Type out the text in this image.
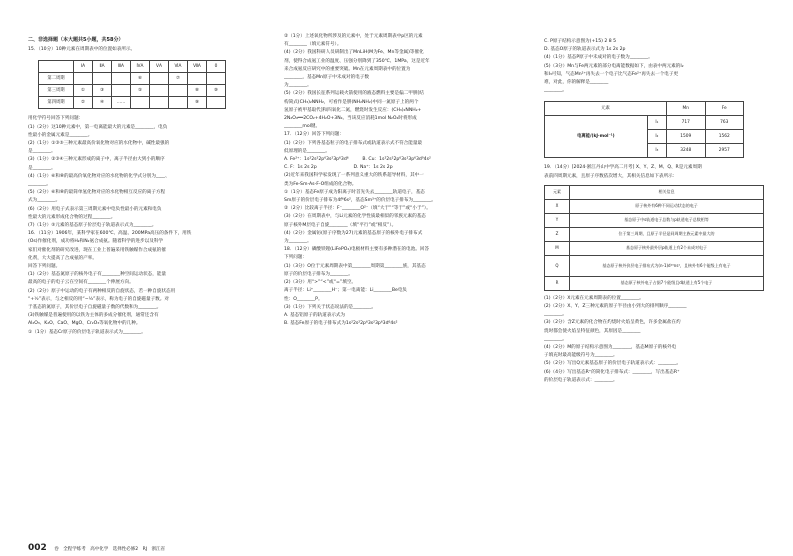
二、非选择题（本大题共5小题，共58分）

15．（10分）10种元素在周期表中的位置如表所示。

	ⅠA	ⅡA	ⅢA	ⅣA	ⅤA	ⅥA	ⅦA	0
第二周期				⑥		⑦		
第三周期	①	③		⑤			⑧	⑩
第四周期	②	④	……				⑨	

用化学符号回答下列问题：

(1)（2分）这10种元素中，第一电离能最大的元素是________，电负

性最小的金属元素是________。

(2)（1分）①③⑤三种元素最高价氧化物对应的水化物中，碱性最强的

是________。

(3)（1分）②③④三种元素形成的离子中，离子半径由大到小的顺序

是________。

(4)（1分）⑥和⑧的最高价氧化物对应的水化物的化学式分别为____、

________。

(5)（2分）⑥和⑧的最简单氢化物对应的水化物相互反应的离子方程

式为________。

(6)（2分）用电子式表示第三周期元素中电负性最小的元素和电负

性最大的元素形成化合物的过程________。

(7)（1分）⑤元素的基态原子价层电子轨道表示式为________。

16．（11分）1906年，某科学家在600℃、高温、200MPa高压的条件下，用铁

(Os)作催化剂，成功将H₂和N₂氨合成氨。随着科学的进步以及科学

家们对催化剂的研究改进，现在工业上普遍采用铁触媒作合成氨的催

化剂，大大提高了合成氨的产率。

回答下列问题。

(1)（2分）基态氮原子的核外电子有________种空间运动状态，能量

最高的电子的电子云在空间有________个伸展方向。

(2)（2分）原子中运动的电子有两种相反的自旋状态，若一种自旋状态用

“+½”表示，与之相反的用“−½”表示，称为电子的自旋磁量子数。对

于基态的氮原子，其价层电子自旋磁量子数的代数和为________。

(3)铁触媒是普遍使用的以铁为主体的多成分催化剂，通常还含有

Al₂O₃、K₂O、CaO、MgO、Cr₂O₃等氧化物中的几种。

①（1分）基态Cr原子的价层电子轨道表示式为________。

②（1分）上述氧化物所涉及的元素中，处于元素周期表中p区的元素

有________（填元素符号）。

(4)（2分）我国科研人员研制出了MnLiH(M为Fe、Mn等金属)等催化

剂，使得合成氨工业的温度、压强分别降到了350℃、1MPa，这是近年

来合成氨反应研究中的重要突破。Mn在元素周期表中的位置为

________，基态Mn原子中未成对的电子数

为________。

(5)（2分）我国长征系列运载火箭使用的液态燃料主要是偏二甲肼[结

构简式(CH₃)₂NNH₂，可看作是肼(NH₂NH₂)中同一氮原子上的两个

氢原子被甲基取代]和四氧化二氮，燃烧时发生反应：(CH₃)₂NNH₂+

2N₂O₄══2CO₂+4H₂O+3N₂。当该反应消耗1mol N₂O₄时将形成

________mol键。

17．（12分）回答下列问题：

(1)（2分）下列各基态粒子的电子排布式或轨道表示式不符合能量最

低原理的是________。

A. Fe²⁺：1s²2s²2p⁶3s²3p⁶3d⁶　　　B. Cu：1s²2s²2p⁶3s²3p⁶3d⁹4s²

C. F：1s 2s 2p　　　　　　　　D. Na⁺：1s 2s 2p

(2)近年来我国科学家发现了一系列意义重大的铁系超导材料，其中一

类为Fe-Sm-As-F-O组成的化合物。

①（1分）基态Fe原子成为阳离子时首先失去________轨道电子，基态

Sm原子的价层电子排布为4f⁶6s²，基态Sm³⁺的价层电子排布为________。

②（2分）比较离子半径：F⁻________O²⁻（填“大于”“等于”或“小于”）。

(3)（2分）在周期表中，与Li元素的化学性质最相似的邻族元素的基态

原子核外M层电子自旋________（填“平行”或“相反”）。

(4)（2分）金属钫(原子序数为27)元素的基态原子的核外电子排布式

为________。

18．（12分）磷酸铁锂(LiFePO₄)电极材料主要有多种潜在的电池。回答

下列问题：

(1)（3分）O位于元素周期表中第________周期第________族，其基态

原子的价层电子排布为________。

(2)（3分）用“>”“<”或“=”填空。

离子半径：Li⁺________H⁻；第一电离能：Li________Be电负

性：O________P。

(3)（1分）下列关于状态说法的是________。

A. 基态铝原子的轨道表示式为

B. 基态Fe原子的电子排布式为1s²2s²2p⁶3s²3p⁶3d⁶4s²

C. P原子结构示意图为(+15) 2 8 5

D. 基态O原子的轨道表示式为 1s 2s 2p

(4)（1分）基态P原子中未成对的电子数为________。

(5)（3分）Mn与Fe两元素的部分电离能数据如下，由表中两元素的I₂

和I₃可知，气态Mn²⁺再失去一个电子比气态Fe²⁺再失去一个电子更

难，对此，你的解释是________

________。

元素		Mn	Fe
电离能/(kJ·mol⁻¹)	I₁	717	763
	I₂	1509	1562
	I₃	3248	2957

19．（14分）[2024·浙江丹山中学高二月考] X、Y、Z、M、Q、R是元素周期

表前四周期元素，且原子序数依次增大，其相关信息如下表所示：

元素	相关信息
X	原子核外有6种不同运动状态的电子
Y	基态原子中s轨道电子总数与p轨道电子总数相等
Z	位于第三周期，且原子半径是同周期主族元素中最大的
M	基态原子核外最外层p轨道上有2个未成对电子
Q	基态原子核外价层电子排布式为(n-1)d¹⁰ns¹，且核外有6个能级上有电子
R	基态原子核外电子占据7个能级且d轨道上有5个电子

(1)（2分）X元素在元素周期表的位置________。

(2)（2分）X、Y、Z三种元素的原子半径由小到大的排列顺序________

________。

(3)（2分）含Z元素的化合物在灼烧时火焰呈黄色，许多金属盐在灼

烧时都会使火焰呈特征颜色，其原因是________

________。

(4)（2分）M的原子结构示意图为________，基态M原子的核外电

子填充时最高能级符号为________。

(5)（2分）写出Q元素基态原子的价层电子轨道表示式：________。

(6)（4分）写出基态R⁺的简化电子排布式：________，写出基态R⁺

的价层电子轨道表示式：________。

002 卷　全程学练考　高中化学　选择性必修2　RJ　浙江省
